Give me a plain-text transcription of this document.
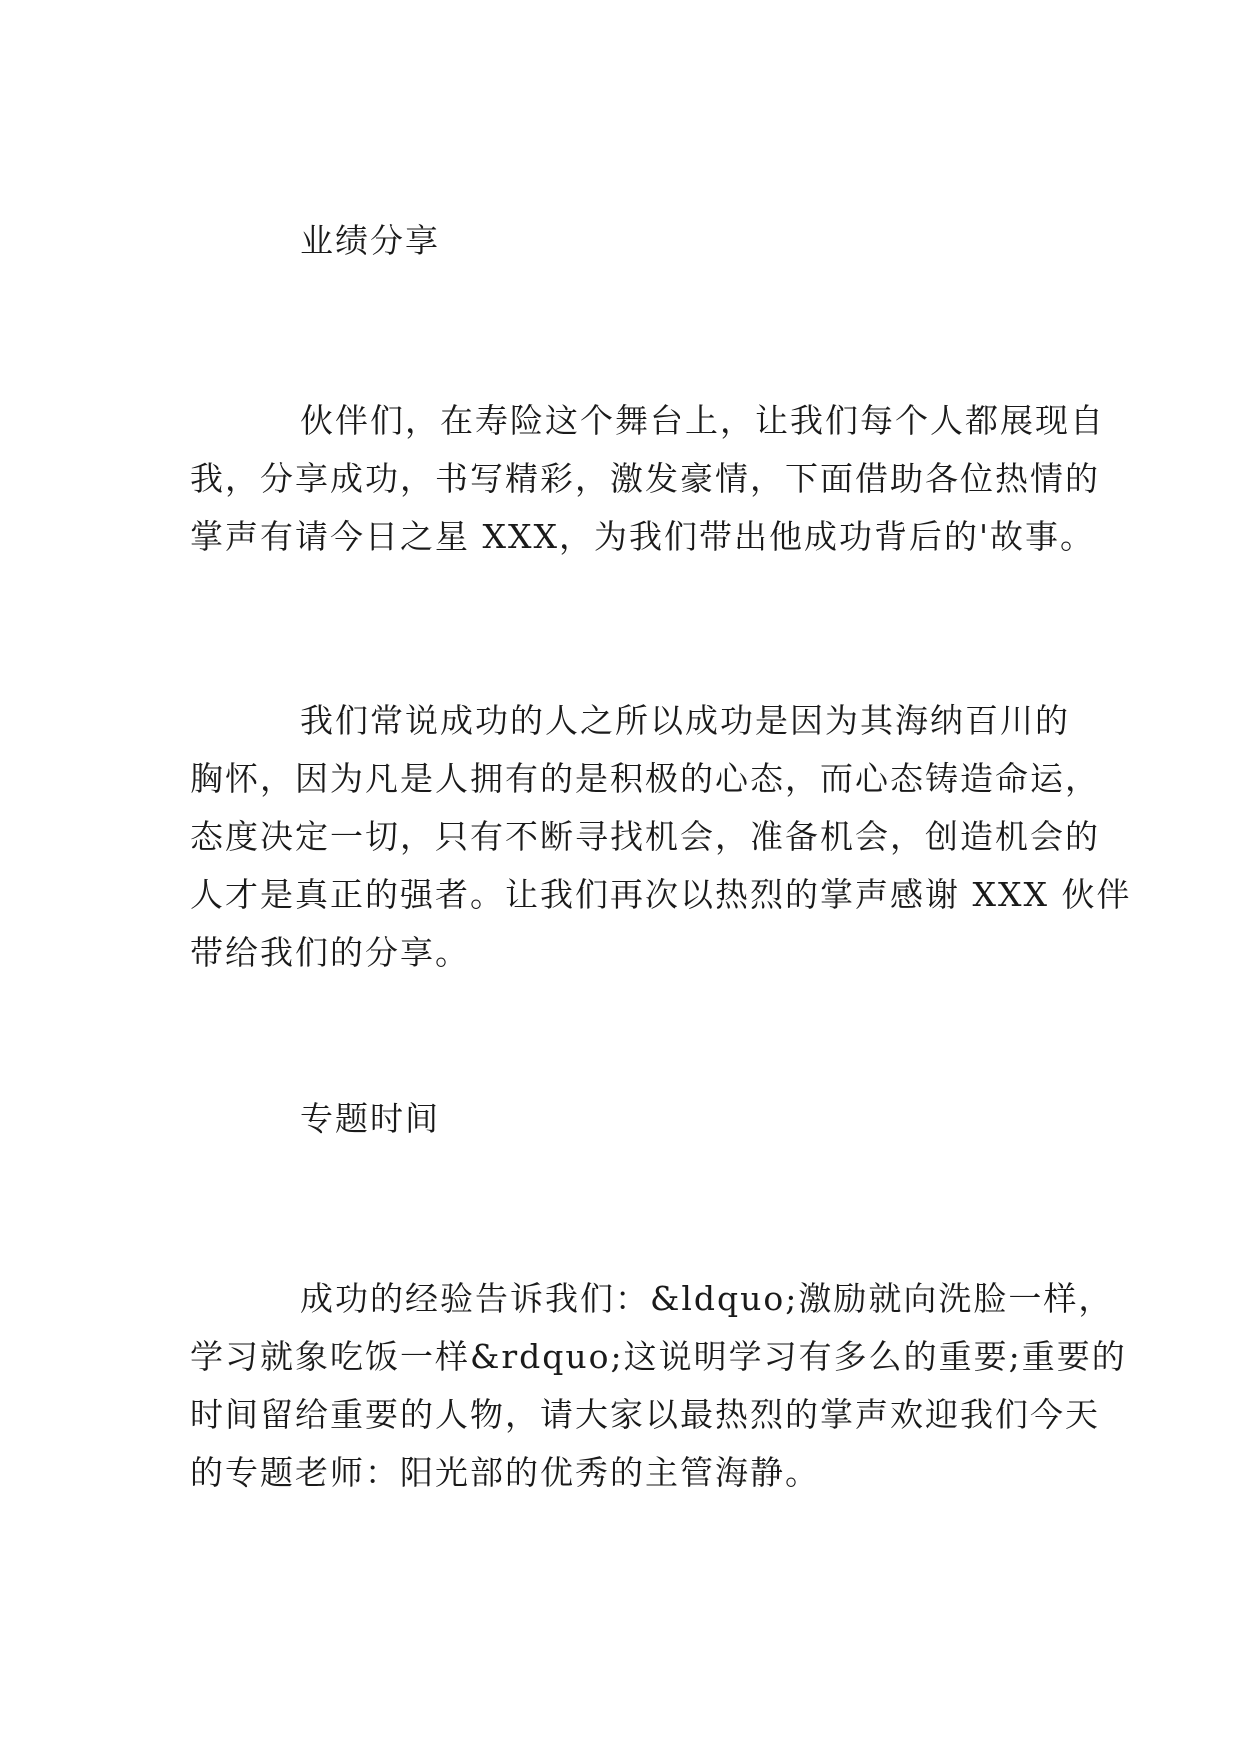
业绩分享

伙伴们，在寿险这个舞台上，让我们每个人都展现自
我，分享成功，书写精彩，激发豪情，下面借助各位热情的
掌声有请今日之星 XXX，为我们带出他成功背后的'故事。

我们常说成功的人之所以成功是因为其海纳百川的
胸怀，因为凡是人拥有的是积极的心态，而心态铸造命运，
态度决定一切，只有不断寻找机会，准备机会，创造机会的
人才是真正的强者。让我们再次以热烈的掌声感谢 XXX 伙伴
带给我们的分享。

专题时间

成功的经验告诉我们：&ldquo;激励就向洗脸一样，
学习就象吃饭一样&rdquo;这说明学习有多么的重要;重要的
时间留给重要的人物，请大家以最热烈的掌声欢迎我们今天
的专题老师：阳光部的优秀的主管海静。
